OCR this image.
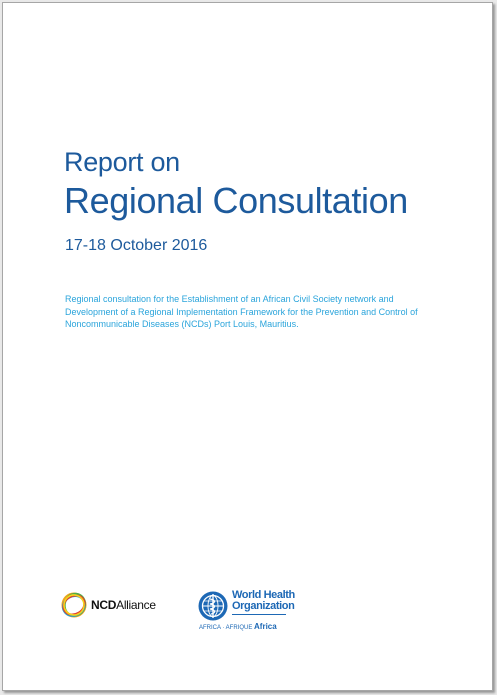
Report on
Regional Consultation
17-18 October 2016
Regional consultation for the Establishment of an African Civil Society network and Development of a Regional Implementation Framework for the Prevention and Control of Noncommunicable Diseases (NCDs) Port Louis, Mauritius.
NCDAlliance
World Health
Organization
AFRICA · AFRIQUE Africa
